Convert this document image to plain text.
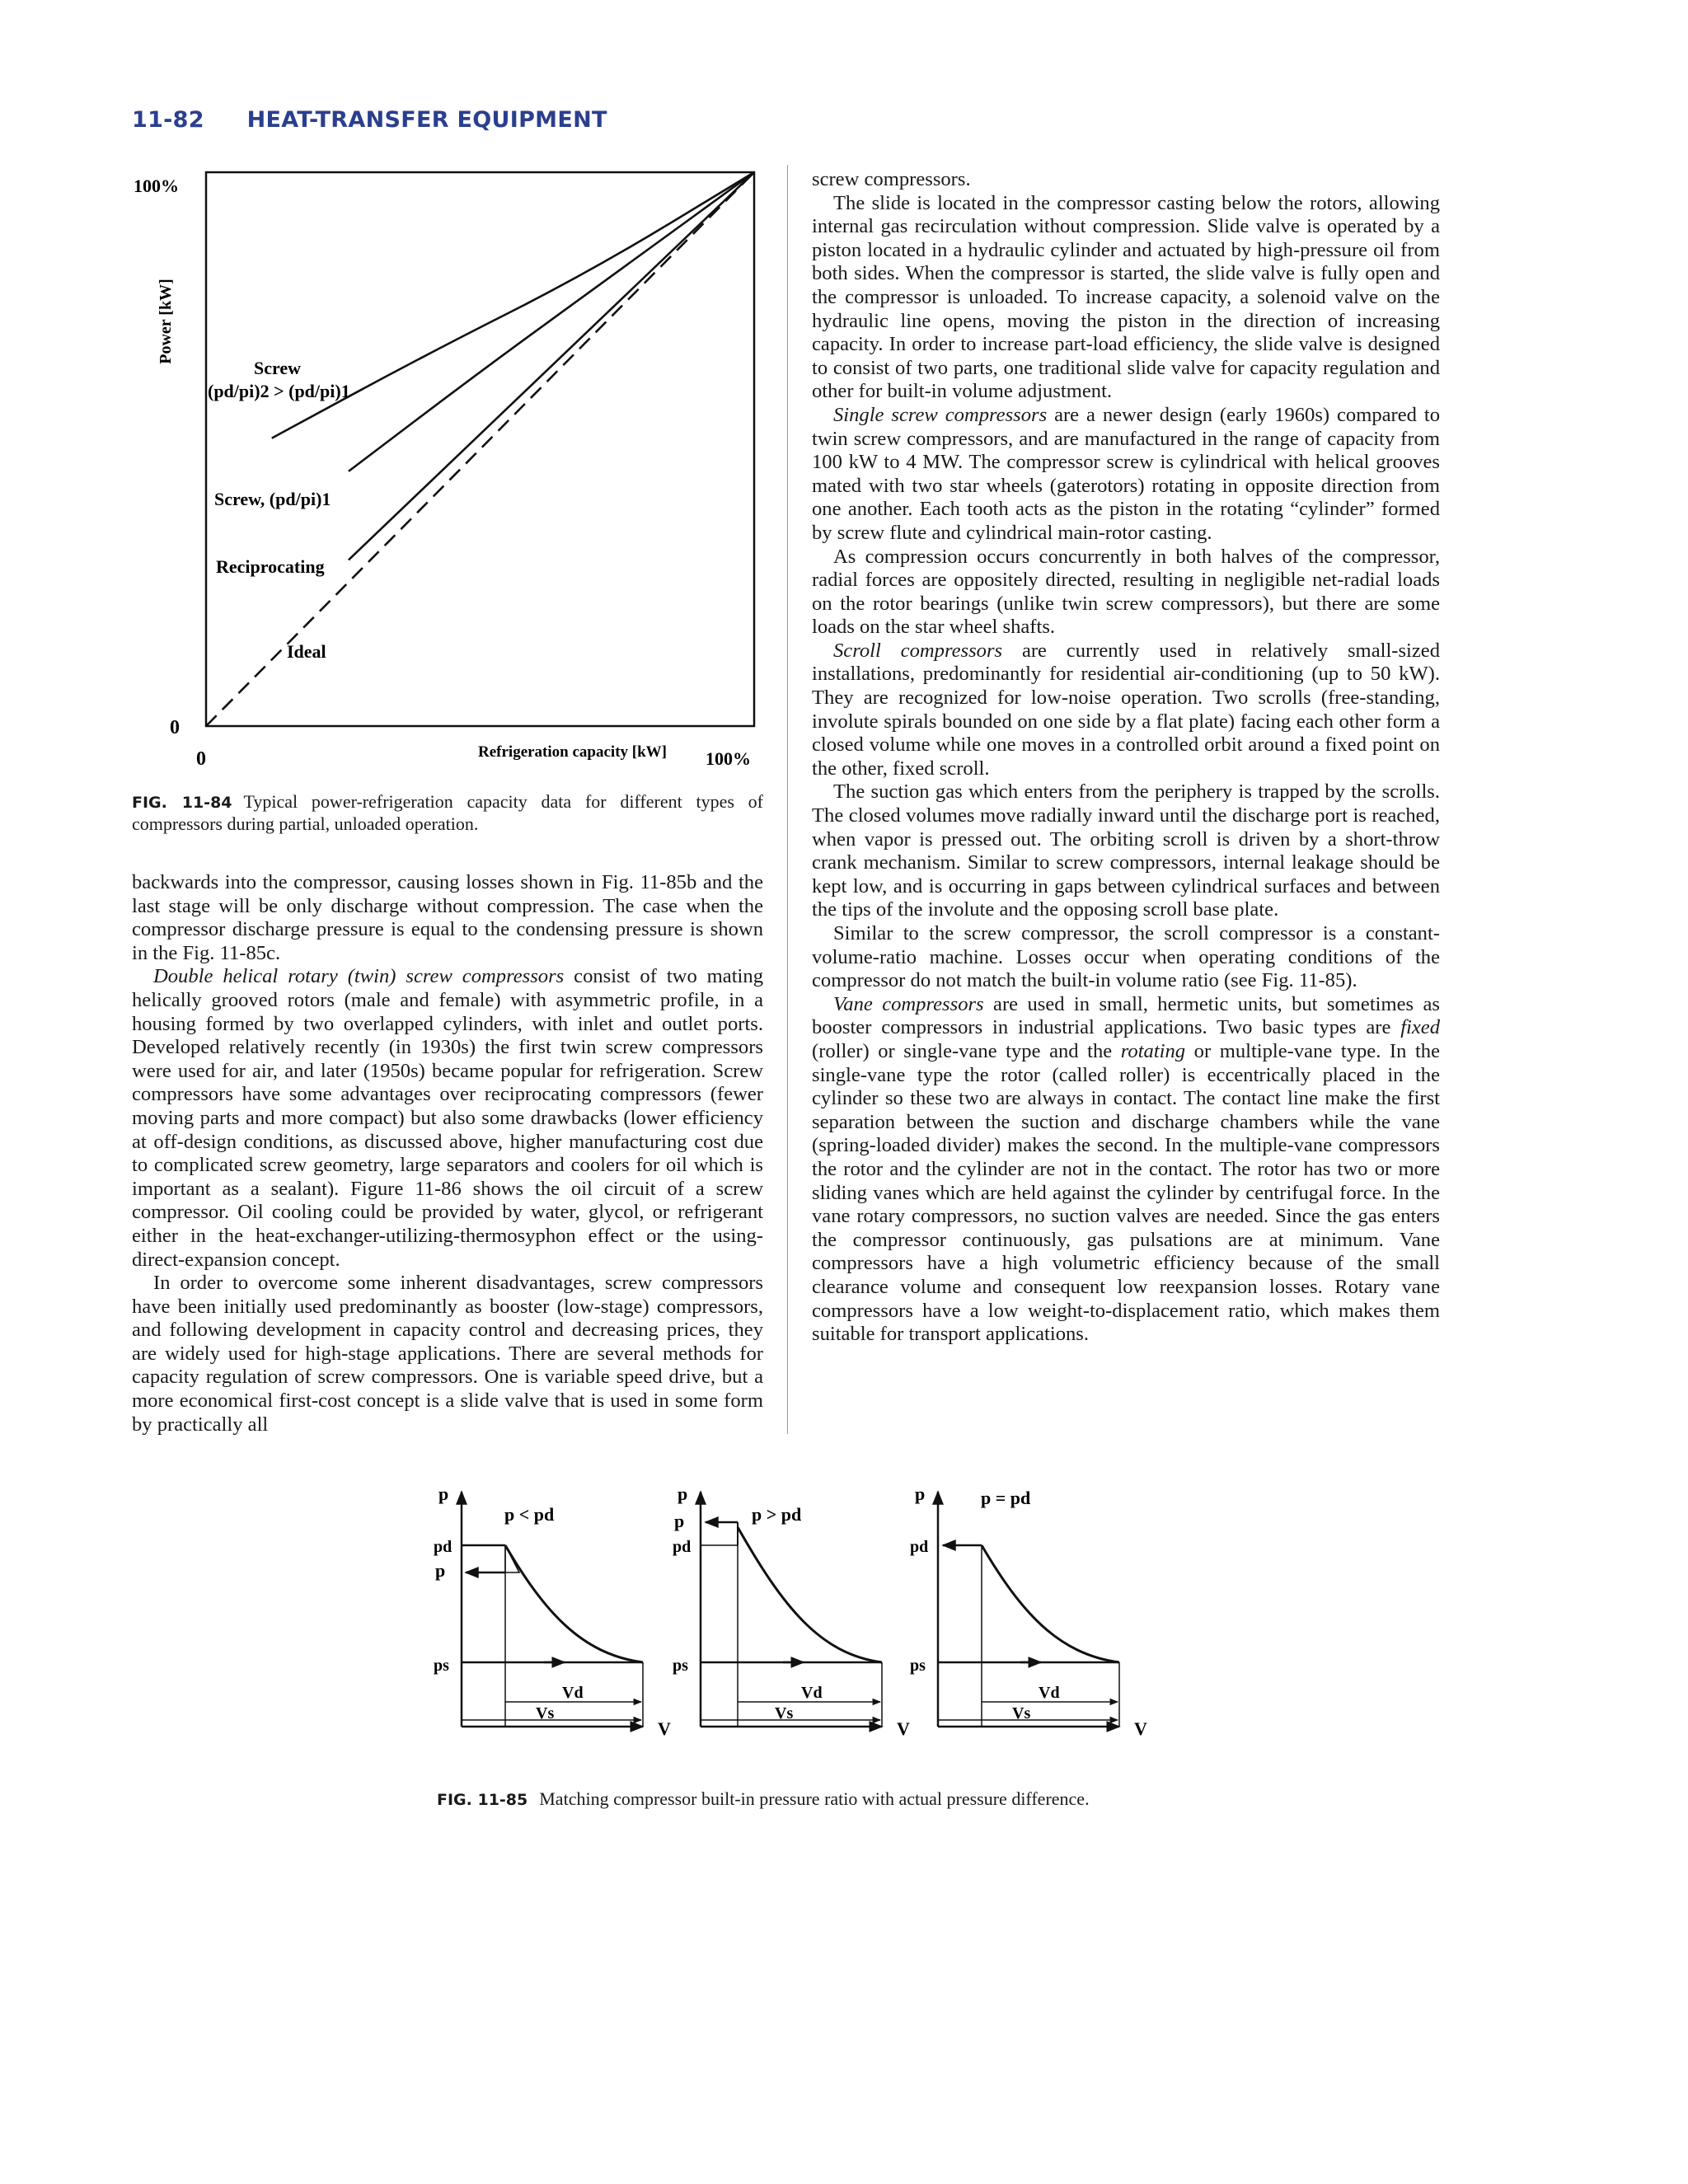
11-82 HEAT-TRANSFER EQUIPMENT
100%
Power [kW]
0
0	Refrigeration capacity [kW] 100%
Screw
(pd/pi)2 > (pd/pi)1
Screw, (pd/pi)1
Reciprocating
Ideal
FIG. 11-84 Typical power-refrigeration capacity data for different types of compressors during partial, unloaded operation.

backwards into the compressor, causing losses shown in Fig. 11-85b and the last stage will be only discharge without compression. The case when the compressor discharge pressure is equal to the condensing pressure is shown in the Fig. 11-85c.

Double helical rotary (twin) screw compressors consist of two mating helically grooved rotors (male and female) with asymmetric profile, in a housing formed by two overlapped cylinders, with inlet and outlet ports. Developed relatively recently (in 1930s) the first twin screw compressors were used for air, and later (1950s) became popular for refrigeration. Screw compressors have some advantages over reciprocating compressors (fewer moving parts and more compact) but also some drawbacks (lower efficiency at off-design conditions, as discussed above, higher manufacturing cost due to complicated screw geometry, large separators and coolers for oil which is important as a sealant). Figure 11-86 shows the oil circuit of a screw compressor. Oil cooling could be provided by water, glycol, or refrigerant either in the heat-exchanger-utilizing-thermosyphon effect or the using-direct-expansion concept.

In order to overcome some inherent disadvantages, screw compressors have been initially used predominantly as booster (low-stage) compressors, and following development in capacity control and decreasing prices, they are widely used for high-stage applications. There are several methods for capacity regulation of screw compressors. One is variable speed drive, but a more economical first-cost concept is a slide valve that is used in some form by practically all

screw compressors.

The slide is located in the compressor casting below the rotors, allowing internal gas recirculation without compression. Slide valve is operated by a piston located in a hydraulic cylinder and actuated by high-pressure oil from both sides. When the compressor is started, the slide valve is fully open and the compressor is unloaded. To increase capacity, a solenoid valve on the hydraulic line opens, moving the piston in the direction of increasing capacity. In order to increase part-load efficiency, the slide valve is designed to consist of two parts, one traditional slide valve for capacity regulation and other for built-in volume adjustment.

Single screw compressors are a newer design (early 1960s) compared to twin screw compressors, and are manufactured in the range of capacity from 100 kW to 4 MW. The compressor screw is cylindrical with helical grooves mated with two star wheels (gaterotors) rotating in opposite direction from one another. Each tooth acts as the piston in the rotating “cylinder” formed by screw flute and cylindrical main-rotor casting.

As compression occurs concurrently in both halves of the compressor, radial forces are oppositely directed, resulting in negligible net-radial loads on the rotor bearings (unlike twin screw compressors), but there are some loads on the star wheel shafts.

Scroll compressors are currently used in relatively small-sized installations, predominantly for residential air-conditioning (up to 50 kW). They are recognized for low-noise operation. Two scrolls (free-standing, involute spirals bounded on one side by a flat plate) facing each other form a closed volume while one moves in a controlled orbit around a fixed point on the other, fixed scroll.

The suction gas which enters from the periphery is trapped by the scrolls. The closed volumes move radially inward until the discharge port is reached, when vapor is pressed out. The orbiting scroll is driven by a short-throw crank mechanism. Similar to screw compressors, internal leakage should be kept low, and is occurring in gaps between cylindrical surfaces and between the tips of the involute and the opposing scroll base plate.

Similar to the screw compressor, the scroll compressor is a constant-volume-ratio machine. Losses occur when operating conditions of the compressor do not match the built-in volume ratio (see Fig. 11-85).

Vane compressors are used in small, hermetic units, but sometimes as booster compressors in industrial applications. Two basic types are fixed (roller) or single-vane type and the rotating or multiple-vane type. In the single-vane type the rotor (called roller) is eccentrically placed in the cylinder so these two are always in contact. The contact line make the first separation between the suction and discharge chambers while the vane (spring-loaded divider) makes the second. In the multiple-vane compressors the rotor and the cylinder are not in the contact. The rotor has two or more sliding vanes which are held against the cylinder by centrifugal force. In the vane rotary compressors, no suction valves are needed. Since the gas enters the compressor continuously, gas pulsations are at minimum. Vane compressors have a high volumetric efficiency because of the small clearance volume and consequent low reexpansion losses. Rotary vane compressors have a low weight-to-displacement ratio, which makes them suitable for transport applications.

p
p < pd
pd
p
ps
Vd
Vs
V
p
p > pd
p
pd
ps
Vd
Vs
V
p	p = pd
pd
ps
Vd
Vs
V
FIG. 11-85 Matching compressor built-in pressure ratio with actual pressure difference.
